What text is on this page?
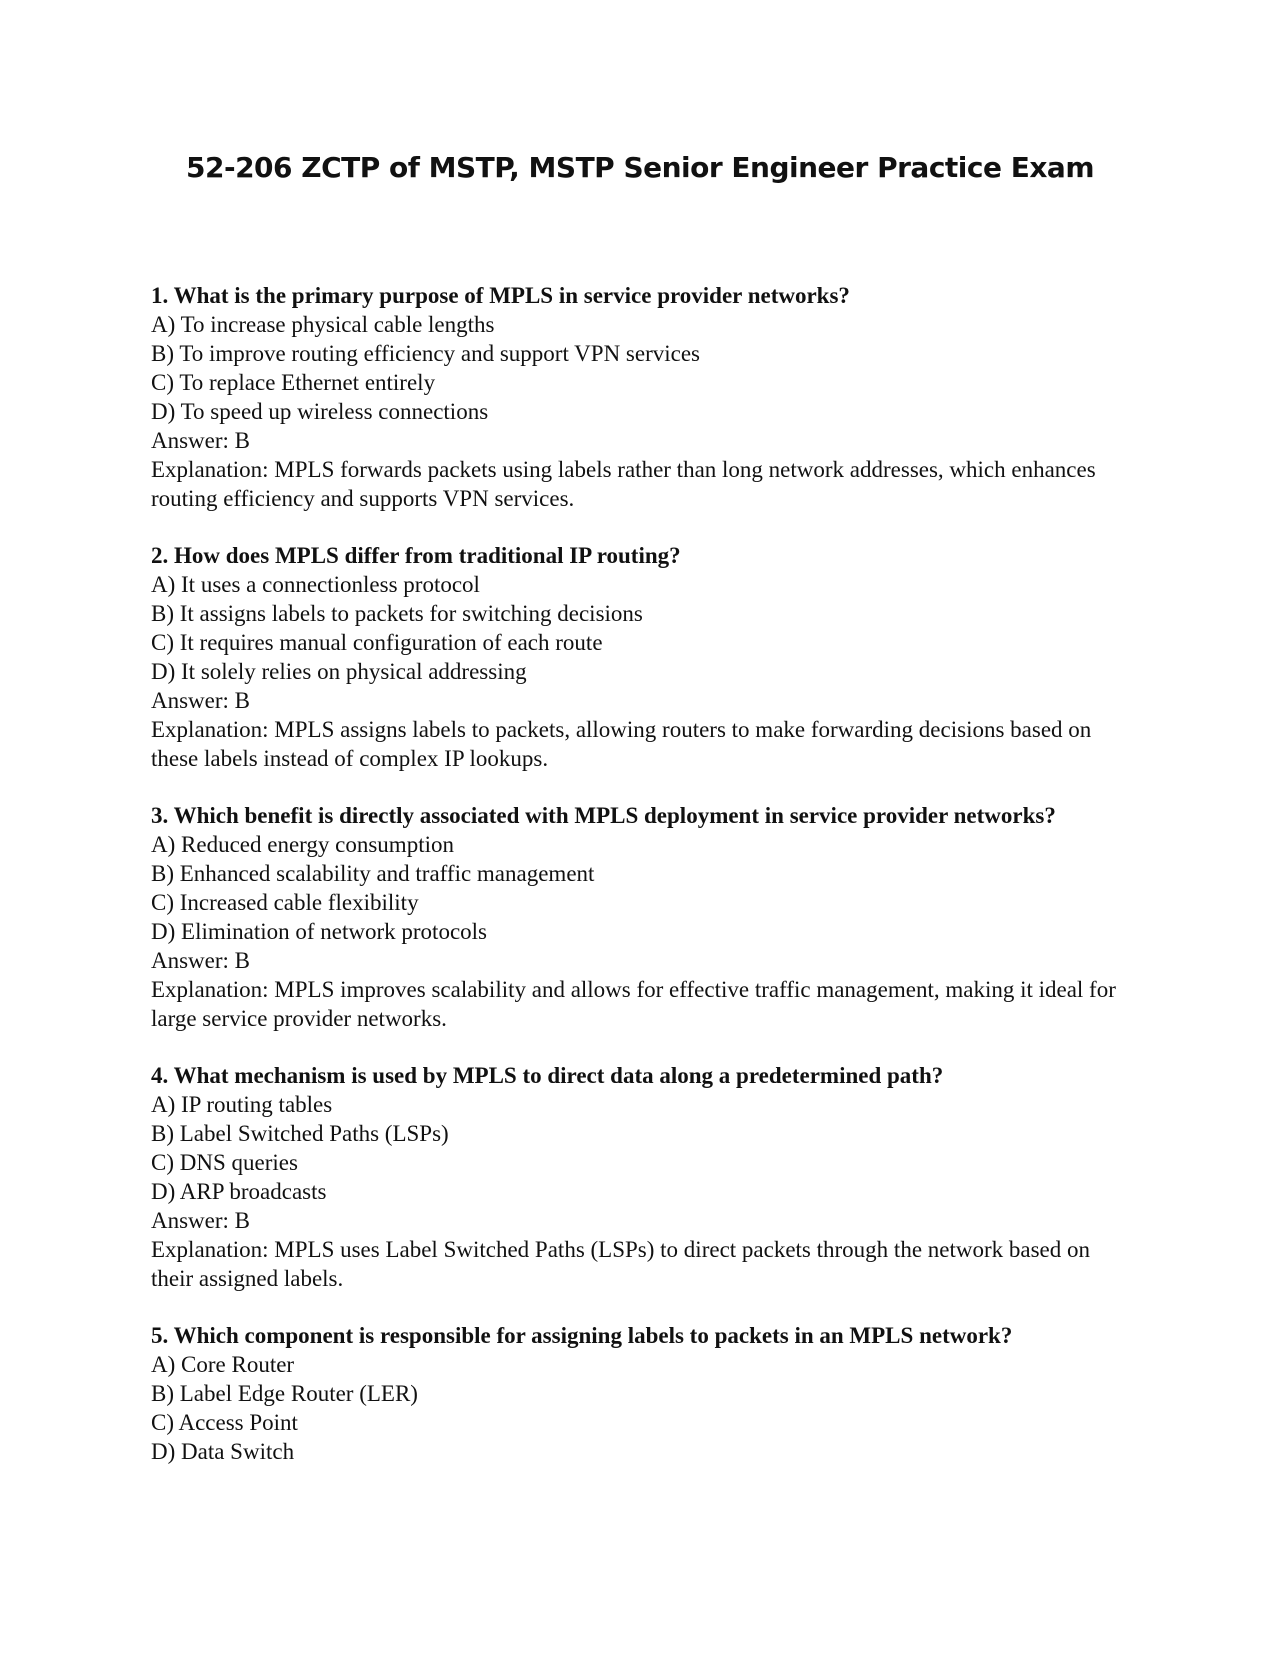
52-206 ZCTP of MSTP, MSTP Senior Engineer Practice Exam
1. What is the primary purpose of MPLS in service provider networks?
A) To increase physical cable lengths
B) To improve routing efficiency and support VPN services
C) To replace Ethernet entirely
D) To speed up wireless connections
Answer: B
Explanation: MPLS forwards packets using labels rather than long network addresses, which enhances routing efficiency and supports VPN services.
2. How does MPLS differ from traditional IP routing?
A) It uses a connectionless protocol
B) It assigns labels to packets for switching decisions
C) It requires manual configuration of each route
D) It solely relies on physical addressing
Answer: B
Explanation: MPLS assigns labels to packets, allowing routers to make forwarding decisions based on these labels instead of complex IP lookups.
3. Which benefit is directly associated with MPLS deployment in service provider networks?
A) Reduced energy consumption
B) Enhanced scalability and traffic management
C) Increased cable flexibility
D) Elimination of network protocols
Answer: B
Explanation: MPLS improves scalability and allows for effective traffic management, making it ideal for large service provider networks.
4. What mechanism is used by MPLS to direct data along a predetermined path?
A) IP routing tables
B) Label Switched Paths (LSPs)
C) DNS queries
D) ARP broadcasts
Answer: B
Explanation: MPLS uses Label Switched Paths (LSPs) to direct packets through the network based on their assigned labels.
5. Which component is responsible for assigning labels to packets in an MPLS network?
A) Core Router
B) Label Edge Router (LER)
C) Access Point
D) Data Switch
